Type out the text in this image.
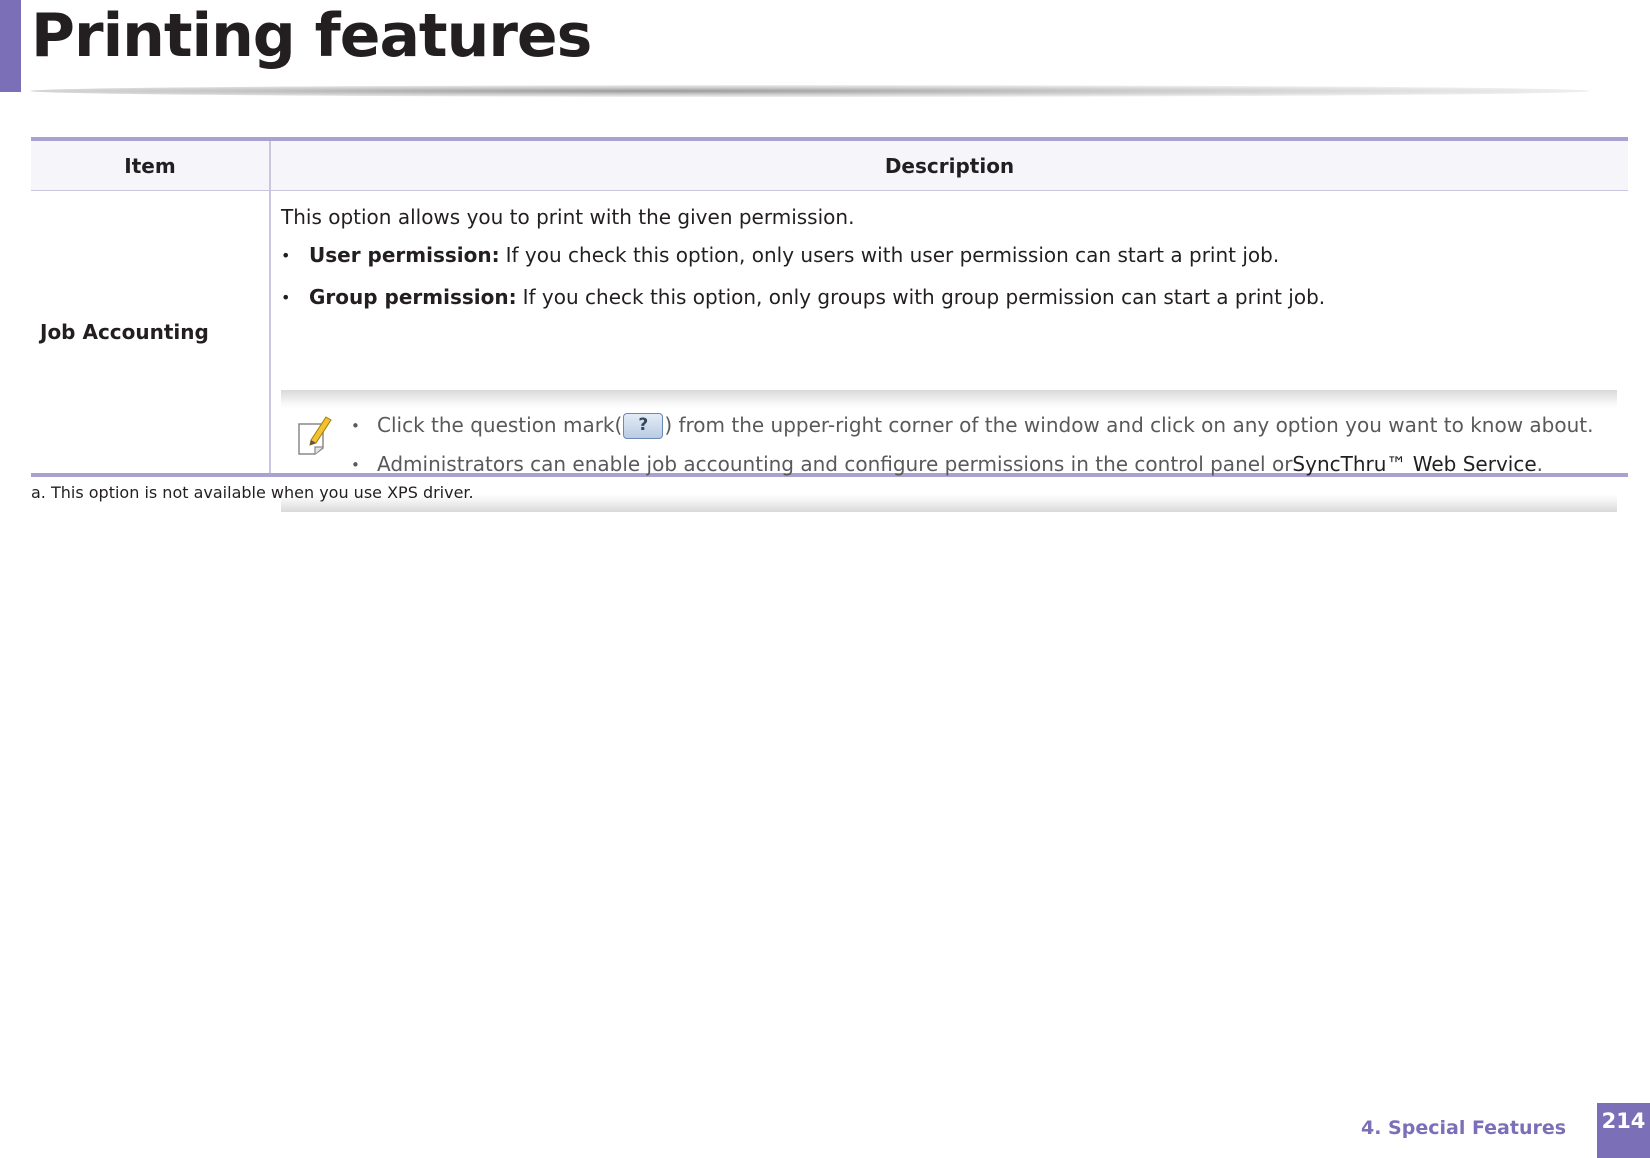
Printing features
Item	Description
Job Accounting
This option allows you to print with the given permission.
• User permission: If you check this option, only users with user permission can start a print job.
• Group permission: If you check this option, only groups with group permission can start a print job.
• Click the question mark( ? ) from the upper-right corner of the window and click on any option you want to know about.
• Administrators can enable job accounting and configure permissions in the control panel or SyncThru™ Web Service .
a. This option is not available when you use XPS driver.
4. Special Features 214
